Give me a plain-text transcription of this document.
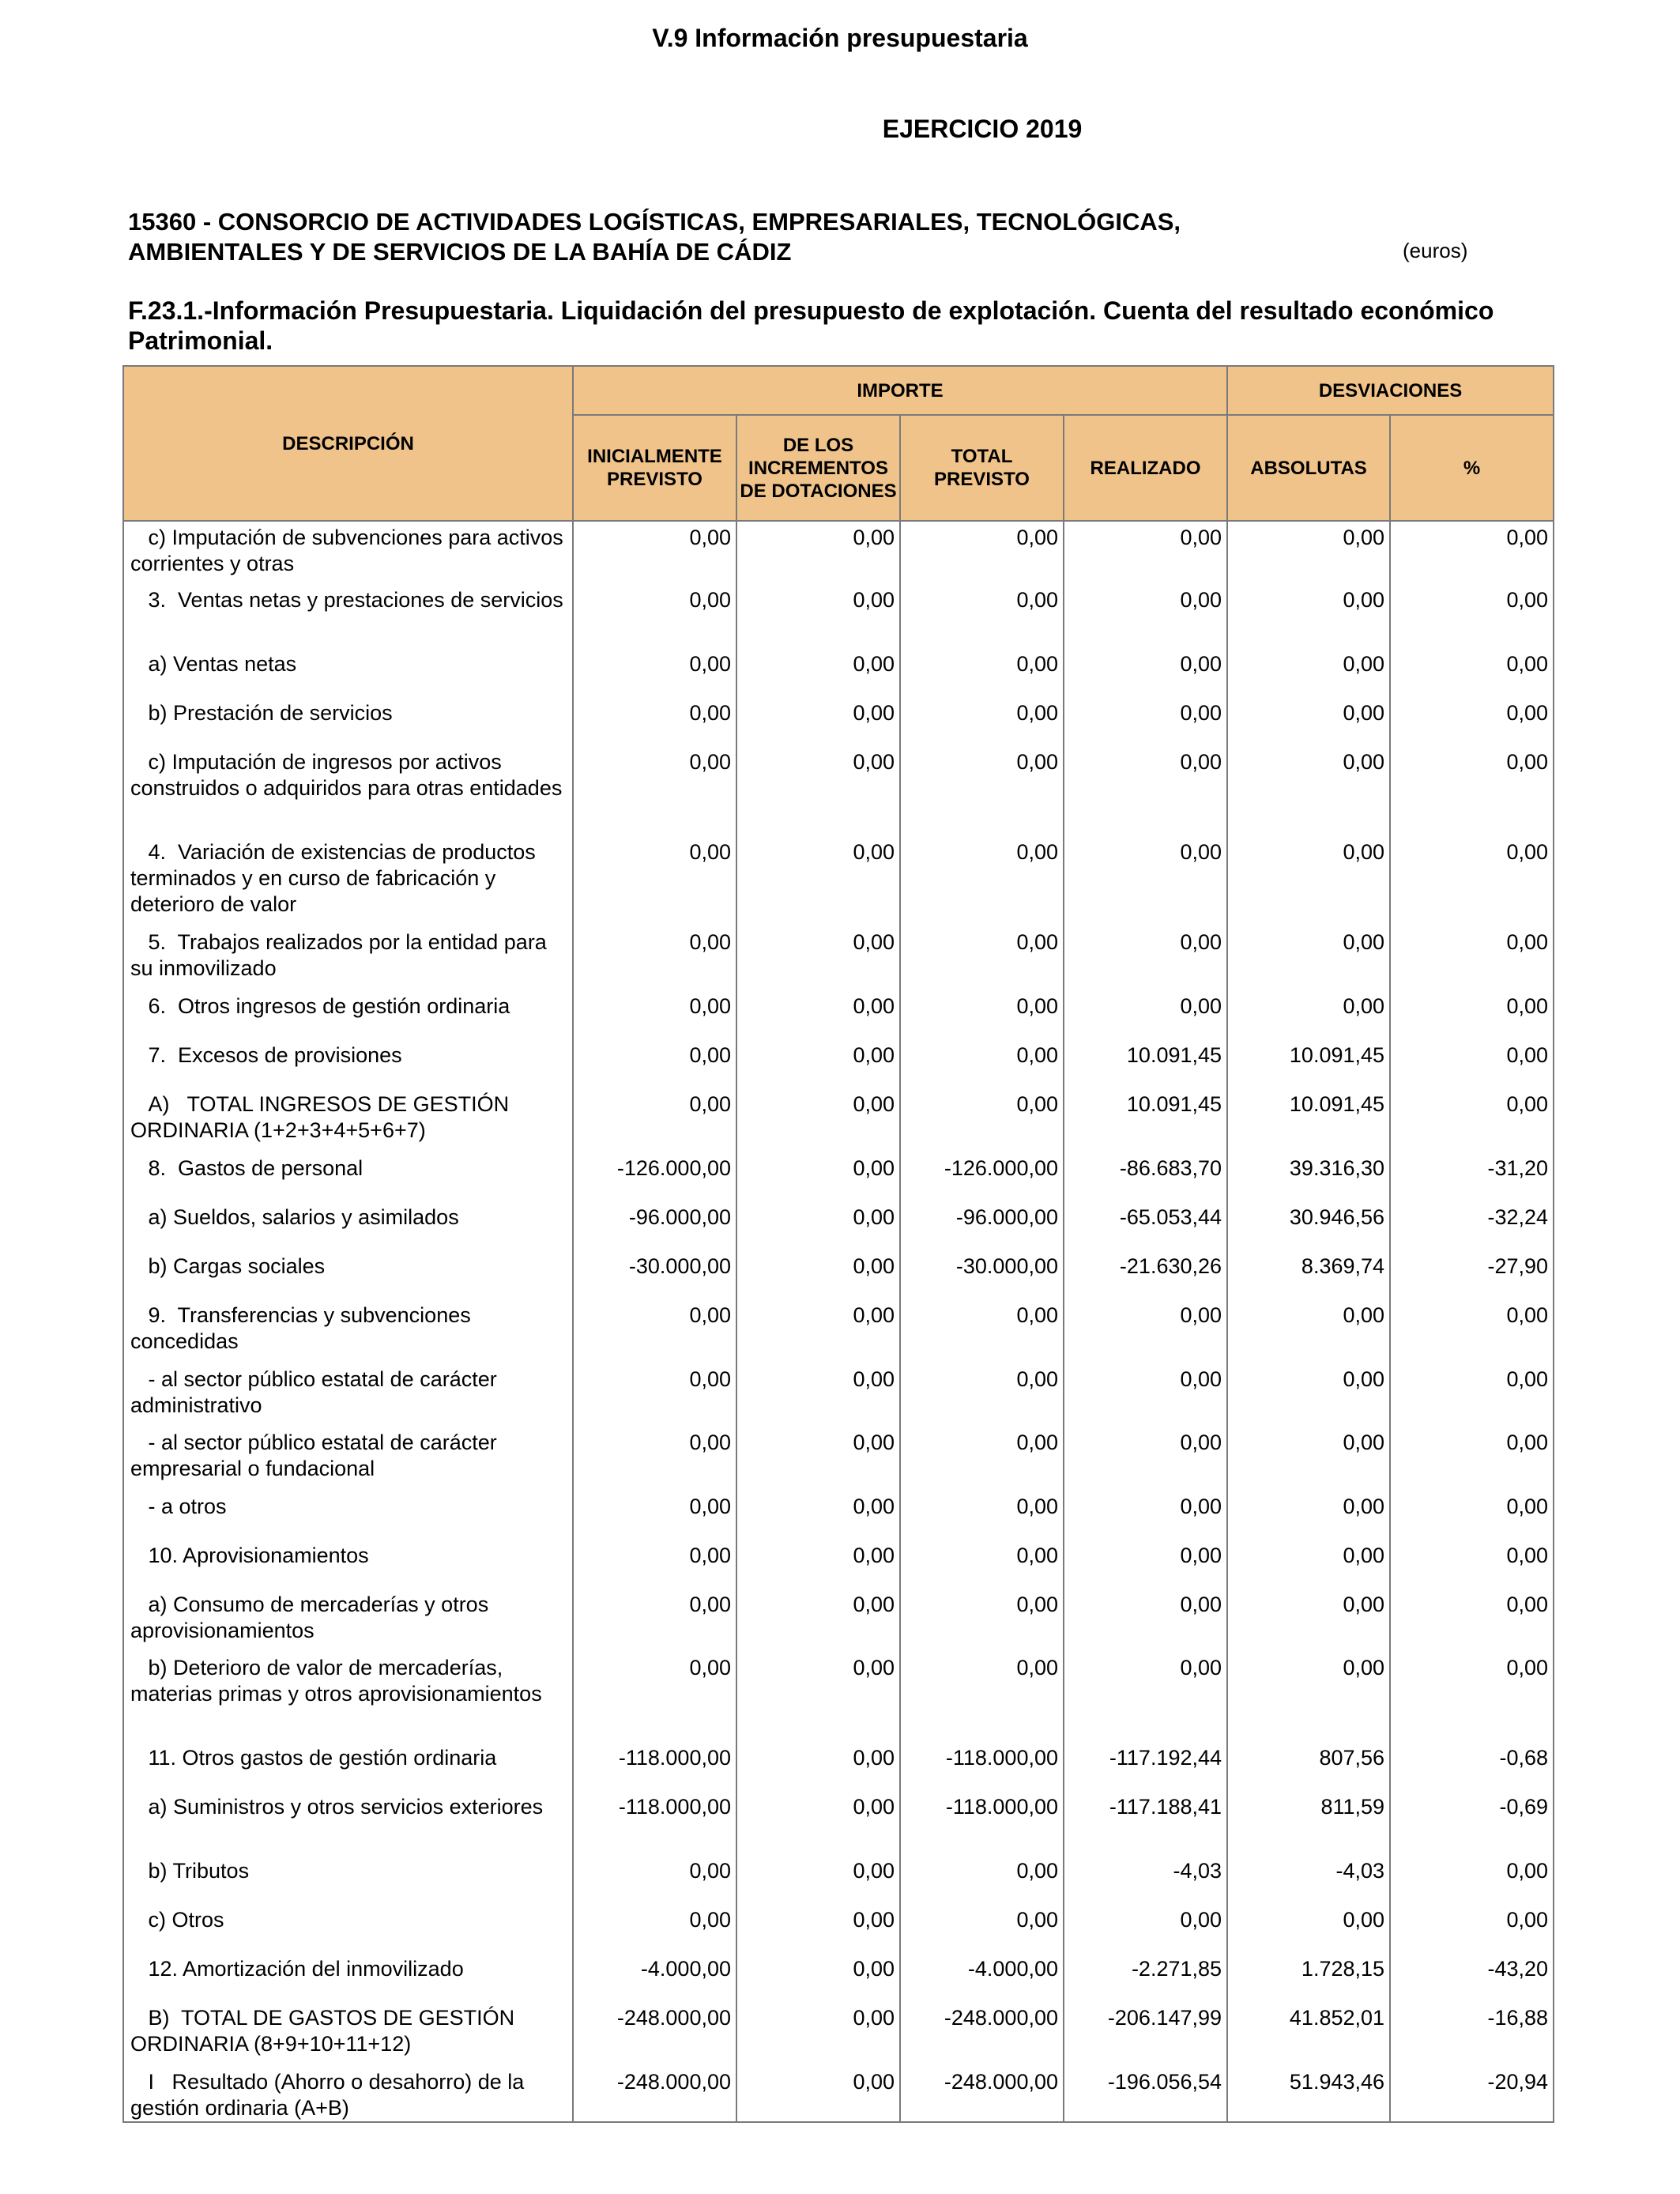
V.9 Información presupuestaria
EJERCICIO 2019
15360 - CONSORCIO DE ACTIVIDADES LOGÍSTICAS, EMPRESARIALES, TECNOLÓGICAS,
AMBIENTALES Y DE SERVICIOS DE LA BAHÍA DE CÁDIZ	(euros)
F.23.1.-Información Presupuestaria. Liquidación del presupuesto de explotación. Cuenta del resultado económico Patrimonial.
DESCRIPCIÓN	IMPORTE				DESVIACIONES	
	INICIALMENTE PREVISTO	DE LOS INCREMENTOS DE DOTACIONES	TOTAL PREVISTO	REALIZADO	ABSOLUTAS	%
c) Imputación de subvenciones para activos corrientes y otras	0,00	0,00	0,00	0,00	0,00	0,00
3.  Ventas netas y prestaciones de servicios	0,00	0,00	0,00	0,00	0,00	0,00
a) Ventas netas	0,00	0,00	0,00	0,00	0,00	0,00
b) Prestación de servicios	0,00	0,00	0,00	0,00	0,00	0,00
c) Imputación de ingresos por activos construidos o adquiridos para otras entidades	0,00	0,00	0,00	0,00	0,00	0,00
4.  Variación de existencias de productos terminados y en curso de fabricación y deterioro de valor	0,00	0,00	0,00	0,00	0,00	0,00
5.  Trabajos realizados por la entidad para su inmovilizado	0,00	0,00	0,00	0,00	0,00	0,00
6.  Otros ingresos de gestión ordinaria	0,00	0,00	0,00	0,00	0,00	0,00
7.  Excesos de provisiones	0,00	0,00	0,00	10.091,45	10.091,45	0,00
A)   TOTAL INGRESOS DE GESTIÓN ORDINARIA (1+2+3+4+5+6+7)	0,00	0,00	0,00	10.091,45	10.091,45	0,00
8.  Gastos de personal	-126.000,00	0,00	-126.000,00	-86.683,70	39.316,30	-31,20
a) Sueldos, salarios y asimilados	-96.000,00	0,00	-96.000,00	-65.053,44	30.946,56	-32,24
b) Cargas sociales	-30.000,00	0,00	-30.000,00	-21.630,26	8.369,74	-27,90
9.  Transferencias y subvenciones concedidas	0,00	0,00	0,00	0,00	0,00	0,00
- al sector público estatal de carácter administrativo	0,00	0,00	0,00	0,00	0,00	0,00
- al sector público estatal de carácter empresarial o fundacional	0,00	0,00	0,00	0,00	0,00	0,00
- a otros	0,00	0,00	0,00	0,00	0,00	0,00
10. Aprovisionamientos	0,00	0,00	0,00	0,00	0,00	0,00
a) Consumo de mercaderías y otros aprovisionamientos	0,00	0,00	0,00	0,00	0,00	0,00
b) Deterioro de valor de mercaderías, materias primas y otros aprovisionamientos	0,00	0,00	0,00	0,00	0,00	0,00
11. Otros gastos de gestión ordinaria	-118.000,00	0,00	-118.000,00	-117.192,44	807,56	-0,68
a) Suministros y otros servicios exteriores	-118.000,00	0,00	-118.000,00	-117.188,41	811,59	-0,69
b) Tributos	0,00	0,00	0,00	-4,03	-4,03	0,00
c) Otros	0,00	0,00	0,00	0,00	0,00	0,00
12. Amortización del inmovilizado	-4.000,00	0,00	-4.000,00	-2.271,85	1.728,15	-43,20
B)  TOTAL DE GASTOS DE GESTIÓN ORDINARIA (8+9+10+11+12)	-248.000,00	0,00	-248.000,00	-206.147,99	41.852,01	-16,88
I   Resultado (Ahorro o desahorro) de la gestión ordinaria (A+B)	-248.000,00	0,00	-248.000,00	-196.056,54	51.943,46	-20,94
